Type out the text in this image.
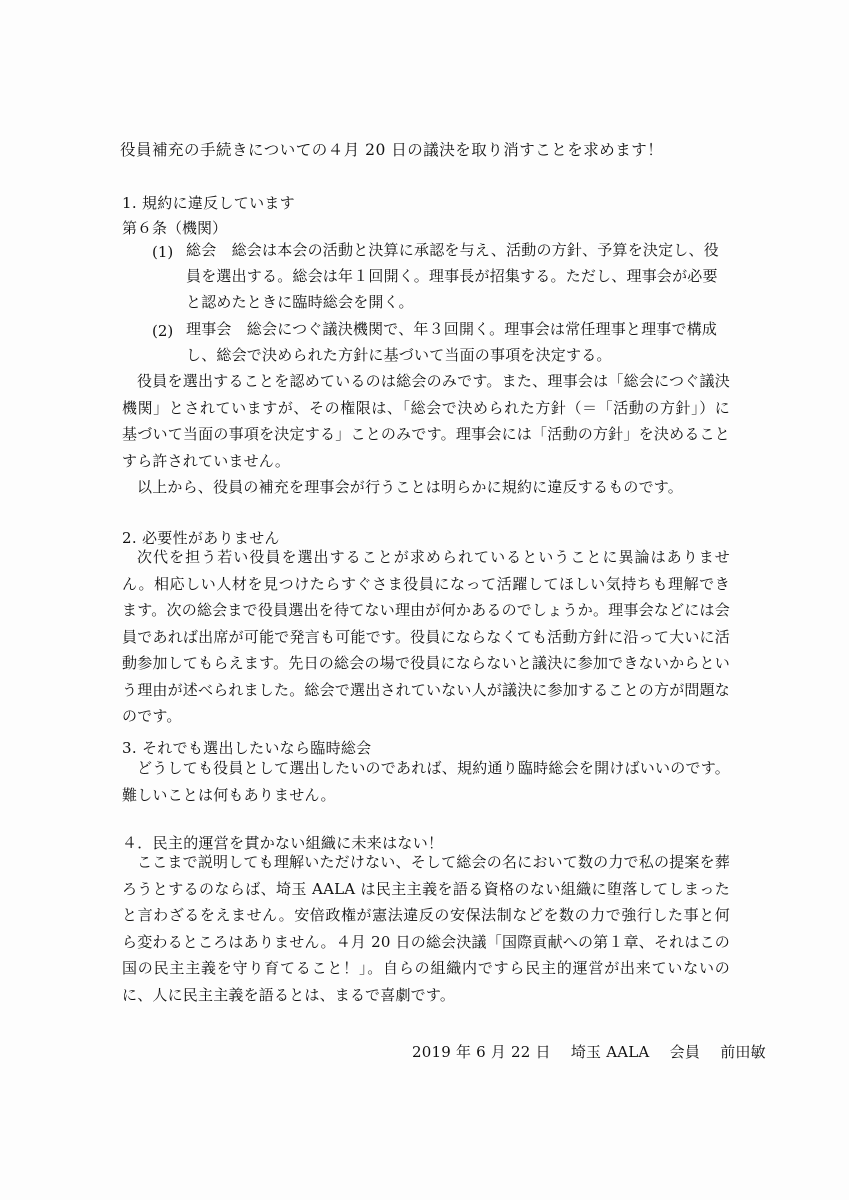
役員補充の手続きについての４月 20 日の議決を取り消すことを求めます！
1. 規約に違反しています
第６条（機関）
(1) 総会　総会は本会の活動と決算に承認を与え、活動の方針、予算を決定し、役員を選出する。総会は年１回開く。理事長が招集する。ただし、理事会が必要と認めたときに臨時総会を開く。
(2) 理事会　総会につぐ議決機関で、年３回開く。理事会は常任理事と理事で構成し、総会で決められた方針に基づいて当面の事項を決定する。
役員を選出することを認めているのは総会のみです。また、理事会は「総会につぐ議決機関」とされていますが、その権限は、「総会で決められた方針（＝「活動の方針」）に基づいて当面の事項を決定する」ことのみです。理事会には「活動の方針」を決めることすら許されていません。
以上から、役員の補充を理事会が行うことは明らかに規約に違反するものです。
2. 必要性がありません
次代を担う若い役員を選出することが求められているということに異論はありません。相応しい人材を見つけたらすぐさま役員になって活躍してほしい気持ちも理解できます。次の総会まで役員選出を待てない理由が何かあるのでしょうか。理事会などには会員であれば出席が可能で発言も可能です。役員にならなくても活動方針に沿って大いに活動参加してもらえます。先日の総会の場で役員にならないと議決に参加できないからという理由が述べられました。総会で選出されていない人が議決に参加することの方が問題なのです。
3. それでも選出したいなら臨時総会
どうしても役員として選出したいのであれば、規約通り臨時総会を開けばいいのです。難しいことは何もありません。
４．民主的運営を貫かない組織に未来はない！
ここまで説明しても理解いただけない、そして総会の名において数の力で私の提案を葬ろうとするのならば、埼玉 AALA は民主主義を語る資格のない組織に堕落してしまったと言わざるをえません。安倍政権が憲法違反の安保法制などを数の力で強行した事と何ら変わるところはありません。４月 20 日の総会決議「国際貢献への第１章、それはこの国の民主主義を守り育てること！」。自らの組織内ですら民主的運営が出来ていないのに、人に民主主義を語るとは、まるで喜劇です。
2019 年 6 月 22 日　 埼玉 AALA　 会員　 前田敏
